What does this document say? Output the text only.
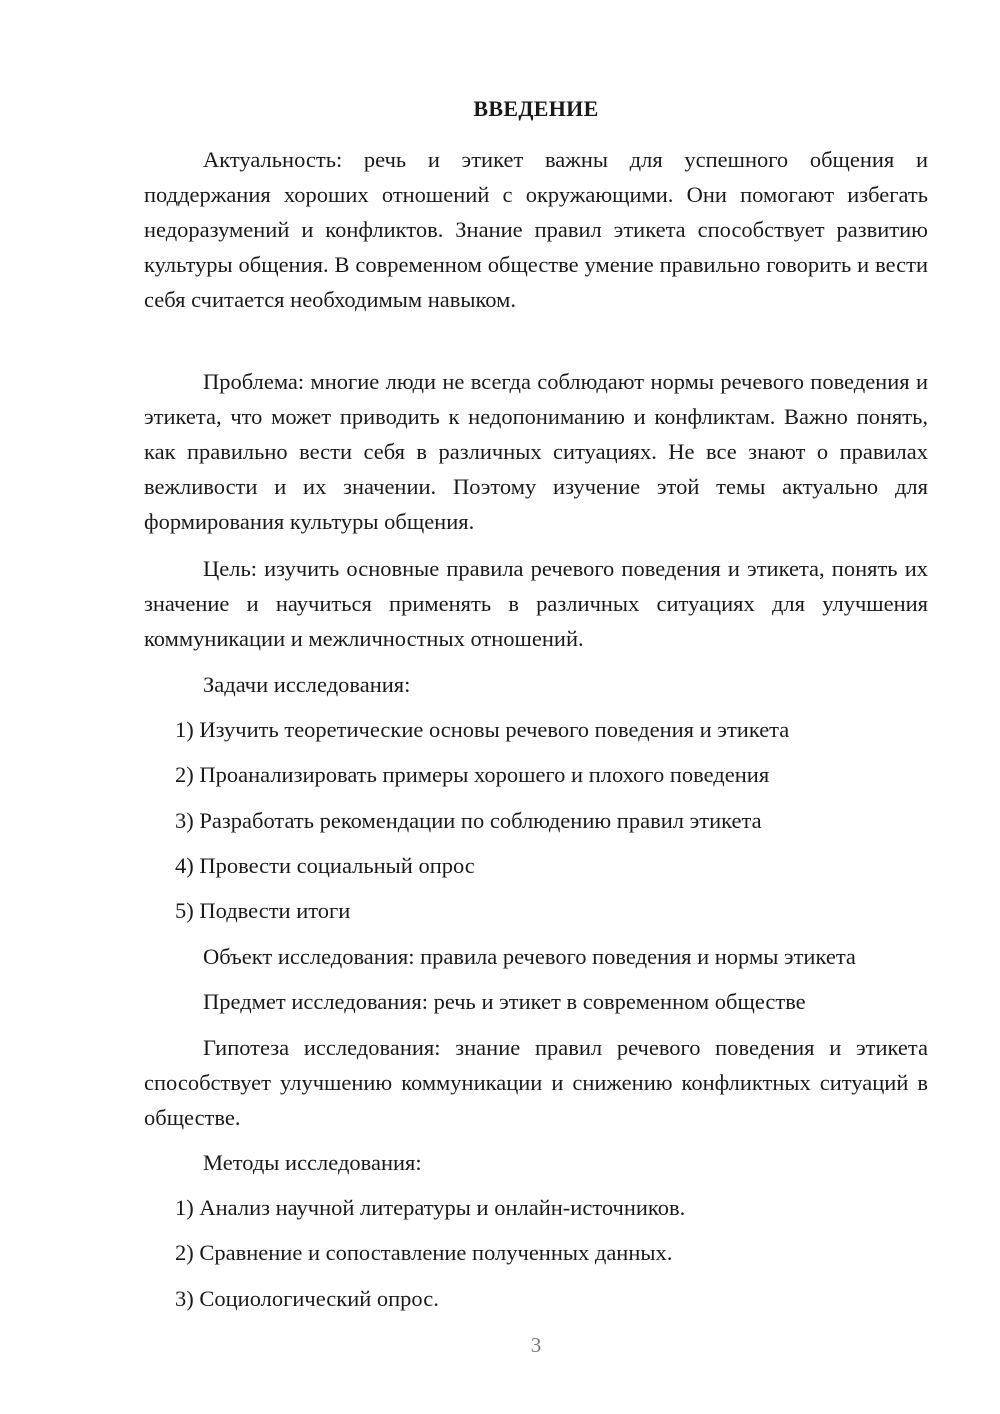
ВВЕДЕНИЕ

Актуальность: речь и этикет важны для успешного общения и поддержания хороших отношений с окружающими. Они помогают избегать недоразумений и конфликтов. Знание правил этикета способствует развитию культуры общения. В современном обществе умение правильно говорить и вести себя считается необходимым навыком.

Проблема: многие люди не всегда соблюдают нормы речевого поведения и этикета, что может приводить к недопониманию и конфликтам. Важно понять, как правильно вести себя в различных ситуациях. Не все знают о правилах вежливости и их значении. Поэтому изучение этой темы актуально для формирования культуры общения.

Цель: изучить основные правила речевого поведения и этикета, понять их значение и научиться применять в различных ситуациях для улучшения коммуникации и межличностных отношений.

Задачи исследования:

1) Изучить теоретические основы речевого поведения и этикета

2) Проанализировать примеры хорошего и плохого поведения

3) Разработать рекомендации по соблюдению правил этикета

4) Провести социальный опрос

5) Подвести итоги

Объект исследования: правила речевого поведения и нормы этикета

Предмет исследования: речь и этикет в современном обществе

Гипотеза исследования: знание правил речевого поведения и этикета способствует улучшению коммуникации и снижению конфликтных ситуаций в обществе.

Методы исследования:

1) Анализ научной литературы и онлайн-источников.

2) Сравнение и сопоставление полученных данных.

3) Социологический опрос.

3
